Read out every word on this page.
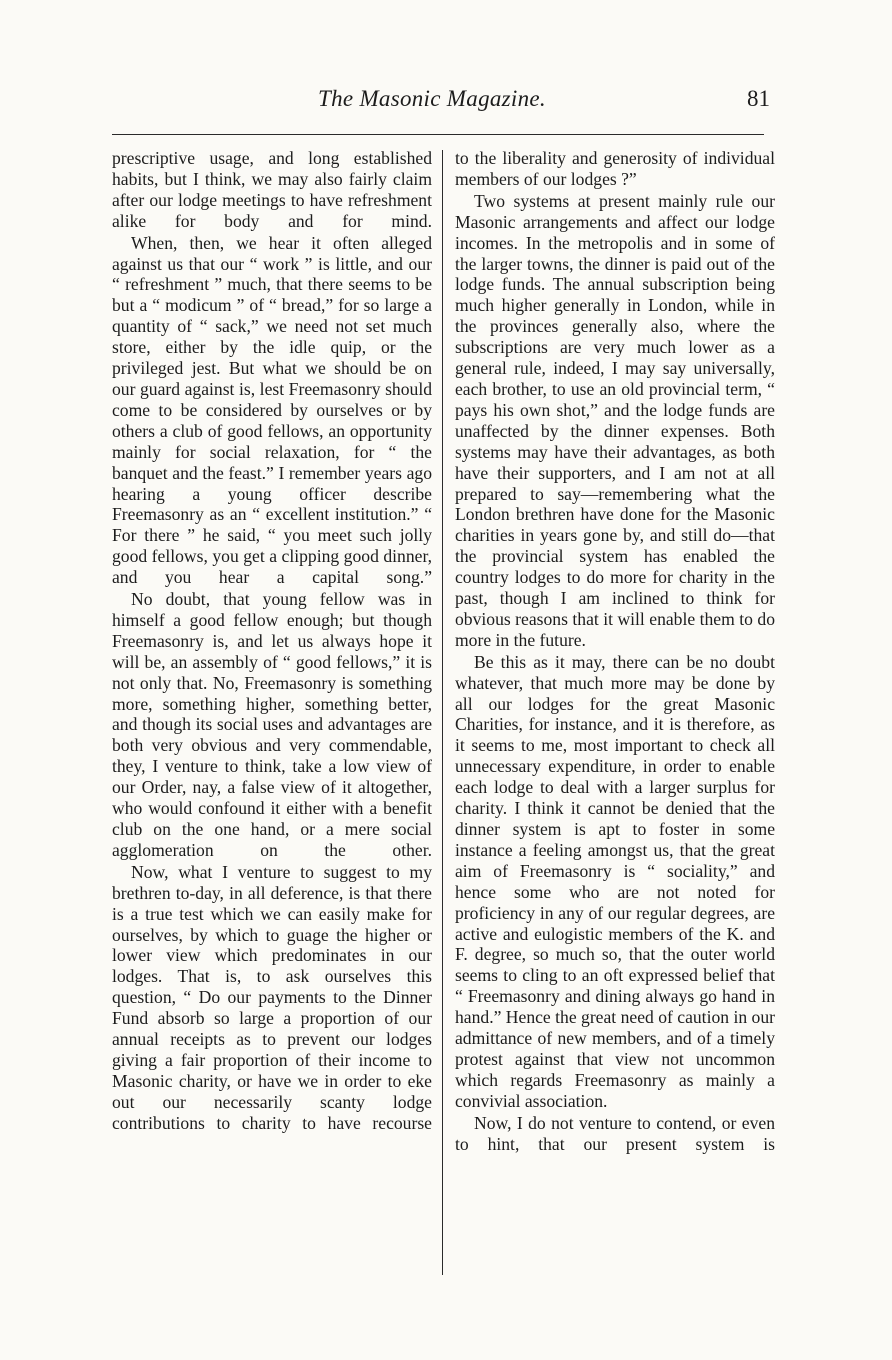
The Masonic Magazine.	81

prescriptive usage, and long established habits, but I think, we may also fairly claim after our lodge meetings to have refreshment alike for body and for mind.

When, then, we hear it often alleged against us that our “ work ” is little, and our “ refreshment ” much, that there seems to be but a “ modicum ” of “ bread,” for so large a quantity of “ sack,” we need not set much store, either by the idle quip, or the privileged jest. But what we should be on our guard against is, lest Freemasonry should come to be considered by ourselves or by others a club of good fellows, an opportunity mainly for social relaxation, for “ the banquet and the feast.” I remember years ago hearing a young officer describe Freemasonry as an “ excellent institution.” “ For there ” he said, “ you meet such jolly good fellows, you get a clipping good dinner, and you hear a capital song.”

No doubt, that young fellow was in himself a good fellow enough; but though Freemasonry is, and let us always hope it will be, an assembly of “ good fellows,” it is not only that. No, Freemasonry is something more, something higher, something better, and though its social uses and advantages are both very obvious and very commendable, they, I venture to think, take a low view of our Order, nay, a false view of it altogether, who would confound it either with a benefit club on the one hand, or a mere social agglomeration on the other.

Now, what I venture to suggest to my brethren to-day, in all deference, is that there is a true test which we can easily make for ourselves, by which to guage the higher or lower view which predominates in our lodges. That is, to ask ourselves this question, “ Do our payments to the Dinner Fund absorb so large a proportion of our annual receipts as to prevent our lodges giving a fair proportion of their income to Masonic charity, or have we in order to eke out our necessarily scanty lodge contributions to charity to have recourse

to the liberality and generosity of individual members of our lodges ?”

Two systems at present mainly rule our Masonic arrangements and affect our lodge incomes. In the metropolis and in some of the larger towns, the dinner is paid out of the lodge funds. The annual subscription being much higher generally in London, while in the provinces generally also, where the subscriptions are very much lower as a general rule, indeed, I may say universally, each brother, to use an old provincial term, “ pays his own shot,” and the lodge funds are unaffected by the dinner expenses. Both systems may have their advantages, as both have their supporters, and I am not at all prepared to say—remembering what the London brethren have done for the Masonic charities in years gone by, and still do—that the provincial system has enabled the country lodges to do more for charity in the past, though I am inclined to think for obvious reasons that it will enable them to do more in the future.

Be this as it may, there can be no doubt whatever, that much more may be done by all our lodges for the great Masonic Charities, for instance, and it is therefore, as it seems to me, most important to check all unnecessary expenditure, in order to enable each lodge to deal with a larger surplus for charity. I think it cannot be denied that the dinner system is apt to foster in some instance a feeling amongst us, that the great aim of Freemasonry is “ sociality,” and hence some who are not noted for proficiency in any of our regular degrees, are active and eulogistic members of the K. and F. degree, so much so, that the outer world seems to cling to an oft expressed belief that “ Freemasonry and dining always go hand in hand.” Hence the great need of caution in our admittance of new members, and of a timely protest against that view not uncommon which regards Freemasonry as mainly a convivial association.

Now, I do not venture to contend, or even to hint, that our present system is
